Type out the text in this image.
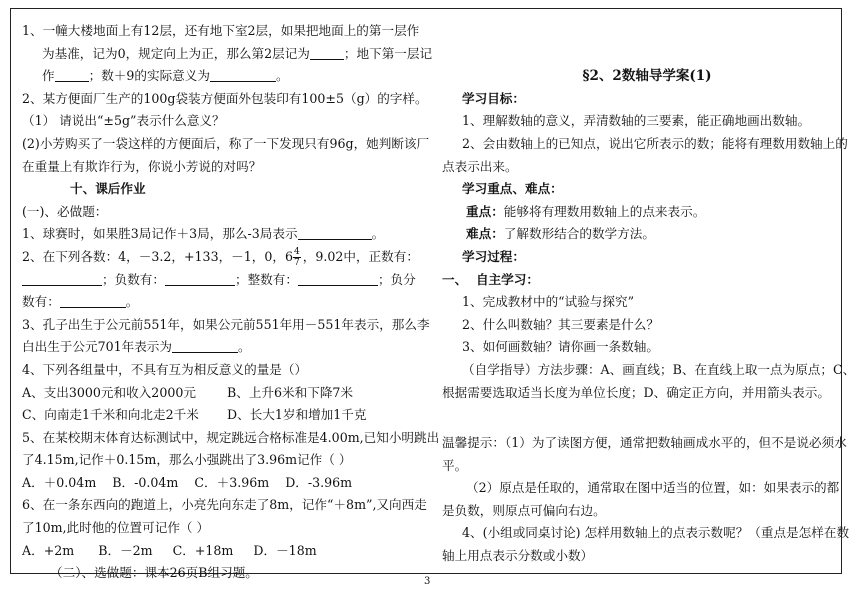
1、一幢大楼地面上有12层，还有地下室2层，如果把地面上的第一层作
为基准，记为0，规定向上为正，那么第2层记为	；地下第一层记
作	；数＋9的实际意义为	。
2、某方便面厂生产的100g袋装方便面外包装印有100±5（g）的字样。
（1） 请说出“±5g”表示什么意义？
(2)小芳购买了一袋这样的方便面后，称了一下发现只有96g，她判断该厂
在重量上有欺诈行为，你说小芳说的对吗？
十、课后作业
(一)、必做题：
1、球赛时，如果胜3局记作＋3局，那么-3局表示	。
2、在下列各数：4，－3.2，+133，－1，0，$6 \frac{4}{7}$ ，9.02中，正数有：
；负数有：	；整数有：	；负分
数有：	。
3、孔子出生于公元前551年，如果公元前551年用－551年表示，那么李
白出生于公元701年表示为	。
4、下列各组量中，不具有互为相反意义的量是（）
A、支出3000元和收入2000元 B、上升6米和下降7米
C、向南走1千米和向北走2千米 D、长大1岁和增加1千克
5、在某校期末体育达标测试中，规定跳远合格标准是4.00m,已知小明跳出
了4.15m,记作＋0.15m，那么小强跳出了3.96m记作（ ）
A．＋0.04m    B．-0.04m    C．＋3.96m    D．-3.96m
6、在一条东西向的跑道上，小亮先向东走了8m，记作“＋8m”,又向西走
了10m,此时他的位置可记作（ ）
A．+2m      B．－2m     C．+18m     D．－18m
（二）、选做题：课本26页B组习题。
§2、2数轴导学案(1)
学习目标：
1、理解数轴的意义，弄清数轴的三要素，能正确地画出数轴。
2、会由数轴上的已知点，说出它所表示的数；能将有理数用数轴上的
点表示出来。
学习重点、难点：
重点：能够将有理数用数轴上的点来表示。
难点：了解数形结合的数学方法。
学习过程：
一、  自主学习：
1、完成教材中的“试验与探究”
2、什么叫数轴？其三要素是什么？
3、如何画数轴？请你画一条数轴。
（自学指导）方法步骤：A、画直线；B、在直线上取一点为原点；C、
根据需要选取适当长度为单位长度；D、确定正方向，并用箭头表示。
温馨提示：（1）为了读图方便，通常把数轴画成水平的，但不是说必须水
平。
（2）原点是任取的，通常取在图中适当的位置，如：如果表示的都
是负数，则原点可偏向右边。
4、(小组或同桌讨论) 怎样用数轴上的点表示数呢？（重点是怎样在数
轴上用点表示分数或小数）
3
